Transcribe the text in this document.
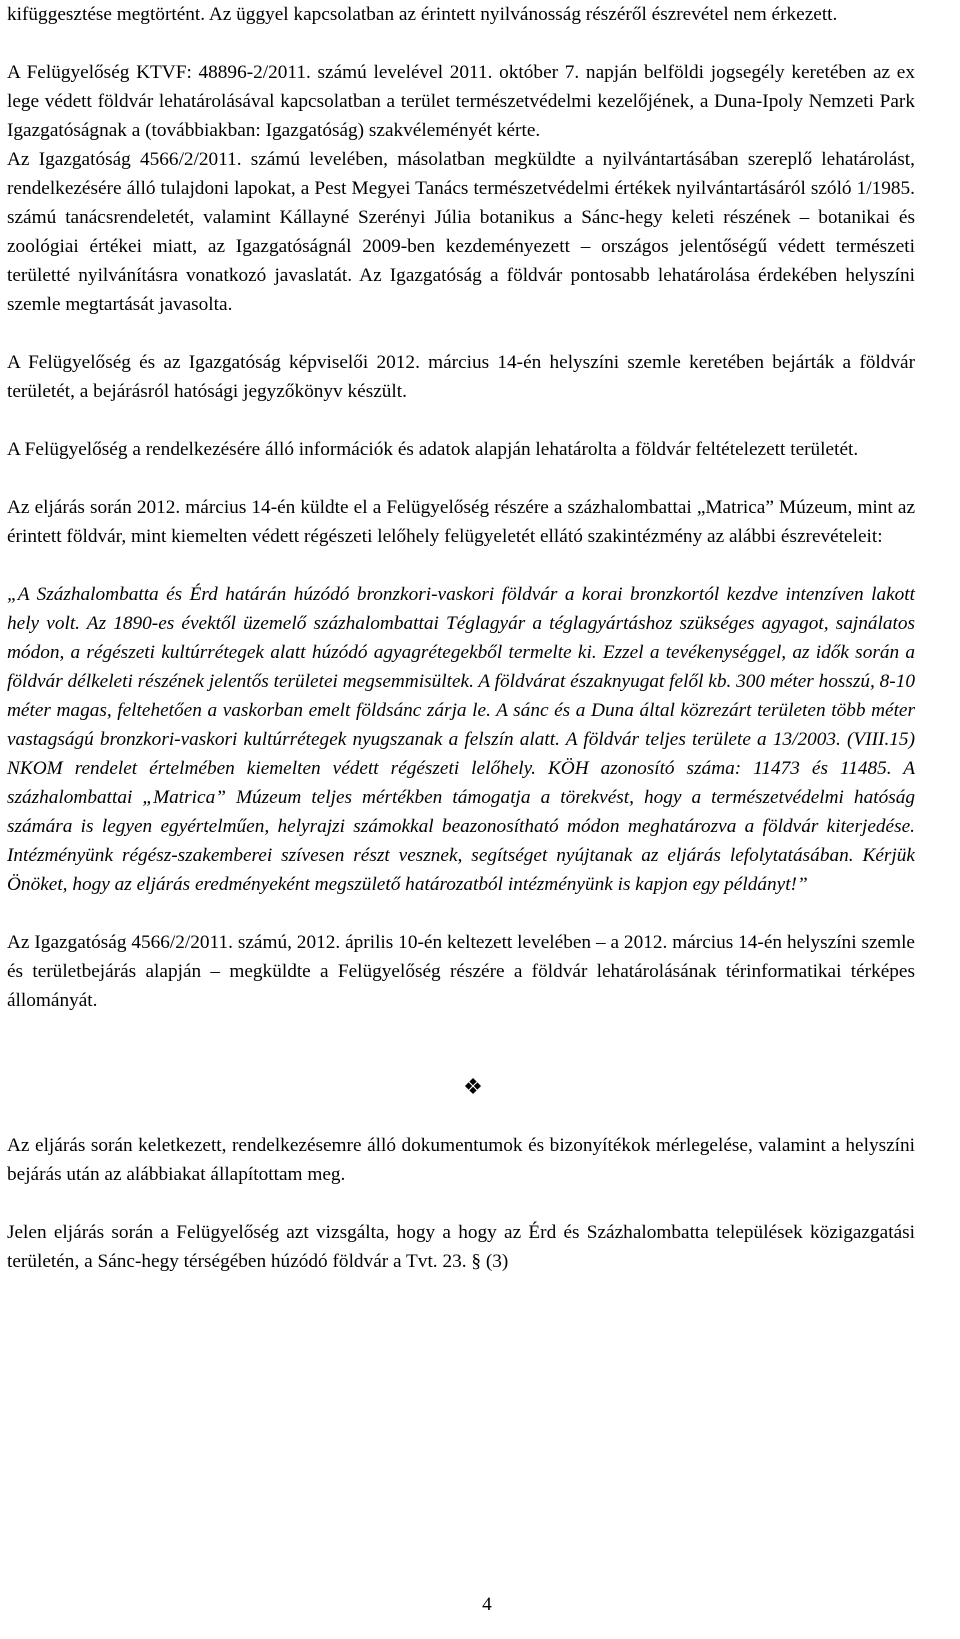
kifüggesztése megtörtént. Az üggyel kapcsolatban az érintett nyilvánosság részéről észrevétel nem érkezett.

A Felügyelőség KTVF: 48896-2/2011. számú levelével 2011. október 7. napján belföldi jogsegély keretében az ex lege védett földvár lehatárolásával kapcsolatban a terület természetvédelmi kezelőjének, a Duna-Ipoly Nemzeti Park Igazgatóságnak a (továbbiakban: Igazgatóság) szakvéleményét kérte.

Az Igazgatóság 4566/2/2011. számú levelében, másolatban megküldte a nyilvántartásában szereplő lehatárolást, rendelkezésére álló tulajdoni lapokat, a Pest Megyei Tanács természetvédelmi értékek nyilvántartásáról szóló 1/1985. számú tanácsrendeletét, valamint Kállayné Szerényi Júlia botanikus a Sánc-hegy keleti részének – botanikai és zoológiai értékei miatt, az Igazgatóságnál 2009-ben kezdeményezett – országos jelentőségű védett természeti területté nyilvánításra vonatkozó javaslatát. Az Igazgatóság a földvár pontosabb lehatárolása érdekében helyszíni szemle megtartását javasolta.

A Felügyelőség és az Igazgatóság képviselői 2012. március 14-én helyszíni szemle keretében bejárták a földvár területét, a bejárásról hatósági jegyzőkönyv készült.

A Felügyelőség a rendelkezésére álló információk és adatok alapján lehatárolta a földvár feltételezett területét.

Az eljárás során 2012. március 14-én küldte el a Felügyelőség részére a százhalombattai „Matrica” Múzeum, mint az érintett földvár, mint kiemelten védett régészeti lelőhely felügyeletét ellátó szakintézmény az alábbi észrevételeit:

„A Százhalombatta és Érd határán húzódó bronzkori-vaskori földvár a korai bronzkortól kezdve intenzíven lakott hely volt. Az 1890-es évektől üzemelő százhalombattai Téglagyár a téglagyártáshoz szükséges agyagot, sajnálatos módon, a régészeti kultúrrétegek alatt húzódó agyagrétegekből termelte ki. Ezzel a tevékenységgel, az idők során a földvár délkeleti részének jelentős területei megsemmisültek. A földvárat északnyugat felől kb. 300 méter hosszú, 8-10 méter magas, feltehetően a vaskorban emelt földsánc zárja le. A sánc és a Duna által közrezárt területen több méter vastagságú bronzkori-vaskori kultúrrétegek nyugszanak a felszín alatt. A földvár teljes területe a 13/2003. (VIII.15) NKOM rendelet értelmében kiemelten védett régészeti lelőhely. KÖH azonosító száma: 11473 és 11485. A százhalombattai „Matrica” Múzeum teljes mértékben támogatja a törekvést, hogy a természetvédelmi hatóság számára is legyen egyértelműen, helyrajzi számokkal beazonosítható módon meghatározva a földvár kiterjedése. Intézményünk régész-szakemberei szívesen részt vesznek, segítséget nyújtanak az eljárás lefolytatásában. Kérjük Önöket, hogy az eljárás eredményeként megszülető határozatból intézményünk is kapjon egy példányt!”

Az Igazgatóság 4566/2/2011. számú, 2012. április 10-én keltezett levelében – a 2012. március 14-én helyszíni szemle és területbejárás alapján – megküldte a Felügyelőség részére a földvár lehatárolásának térinformatikai térképes állományát.

❖

Az eljárás során keletkezett, rendelkezésemre álló dokumentumok és bizonyítékok mérlegelése, valamint a helyszíni bejárás után az alábbiakat állapítottam meg.

Jelen eljárás során a Felügyelőség azt vizsgálta, hogy a hogy az Érd és Százhalombatta települések közigazgatási területén, a Sánc-hegy térségében húzódó földvár a Tvt. 23. § (3)

4
